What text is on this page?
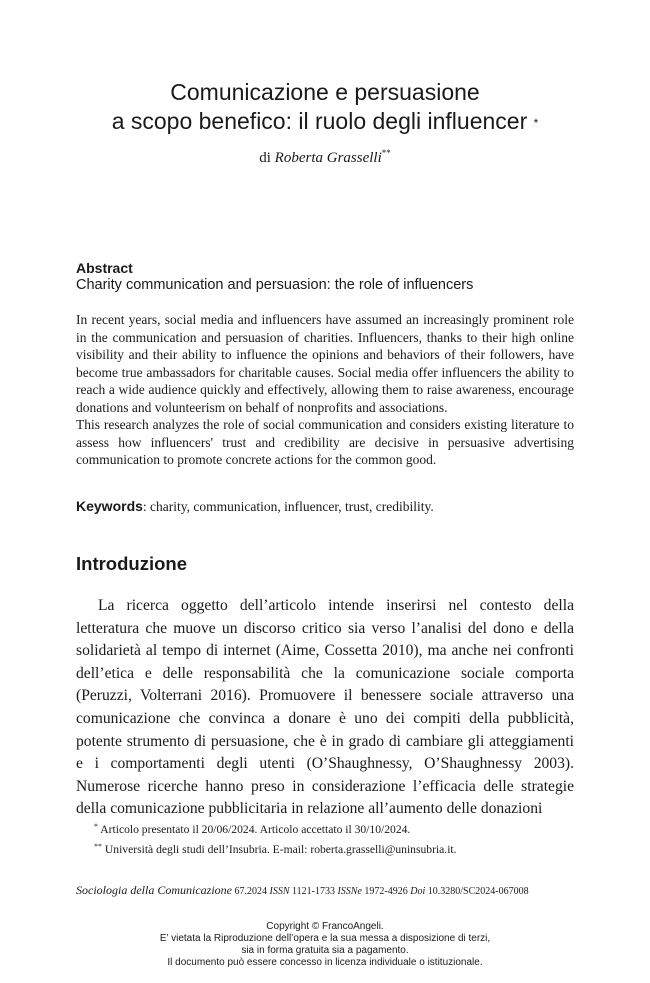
Comunicazione e persuasione
a scopo benefico: il ruolo degli influencer *
di Roberta Grasselli**
Abstract
Charity communication and persuasion: the role of influencers

In recent years, social media and influencers have assumed an increasingly prominent role in the communication and persuasion of charities. Influencers, thanks to their high online visibility and their ability to influence the opinions and behaviors of their followers, have become true ambassadors for charitable causes. Social media offer influencers the ability to reach a wide audience quickly and effectively, allowing them to raise awareness, encourage donations and volunteerism on behalf of nonprofits and associations.

This research analyzes the role of social communication and considers existing literature to assess how influencers' trust and credibility are decisive in persuasive advertising communication to promote concrete actions for the common good.

Keywords: charity, communication, influencer, trust, credibility.
Introduzione

La ricerca oggetto dell’articolo intende inserirsi nel contesto della letteratura che muove un discorso critico sia verso l’analisi del dono e della solidarietà al tempo di internet (Aime, Cossetta 2010), ma anche nei confronti dell’etica e delle responsabilità che la comunicazione sociale comporta (Peruzzi, Volterrani 2016). Promuovere il benessere sociale attraverso una comunicazione che convinca a donare è uno dei compiti della pubblicità, potente strumento di persuasione, che è in grado di cambiare gli atteggiamenti e i comportamenti degli utenti (O’Shaughnessy, O’Shaughnessy 2003). Numerose ricerche hanno preso in considerazione l’efficacia delle strategie della comunicazione pubblicitaria in relazione all’aumento delle donazioni

* Articolo presentato il 20/06/2024. Articolo accettato il 30/10/2024.
** Università degli studi dell’Insubria. E-mail: roberta.grasselli@uninsubria.it.
Sociologia della Comunicazione 67.2024 ISSN 1121-1733 ISSNe 1972-4926 Doi 10.3280/SC2024-067008
Copyright © FrancoAngeli.
E’ vietata la Riproduzione dell’opera e la sua messa a disposizione di terzi,
sia in forma gratuita sia a pagamento.
Il documento può essere concesso in licenza individuale o istituzionale.
